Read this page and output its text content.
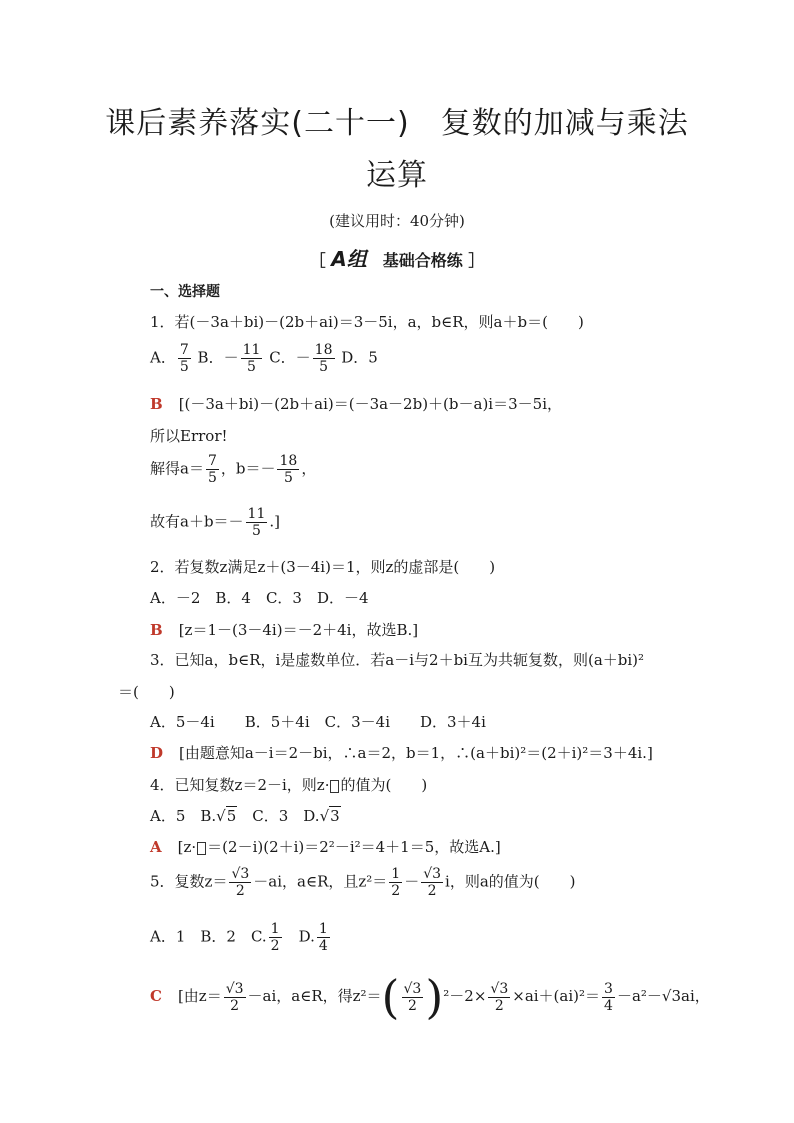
课后素养落实(二十一)　复数的加减与乘法
运算
(建议用时：40分钟)
［ A组　 基础合格练 ］
一、选择题
1．若(－3a＋bi)－(2b＋ai)＝3－5i，a，b∈R，则a＋b＝(　　)
A． $\frac{7}{5}$ B．－ $\frac{11}{5}$ C．－ $\frac{18}{5}$ D．5
B [(－3a＋bi)－(2b＋ai)＝(－3a－2b)＋(b－a)i＝3－5i，
所以Error!
解得$a= \frac{7}{5}$ ，$b=- \frac{18}{5}$ ，
故有$a+b=- \frac{11}{5}$ .]
2．若复数z满足z＋(3－4i)＝1，则z的虚部是(　　)
A．－2　B．4　C．3　D．－4
B [z＝1－(3－4i)＝－2＋4i，故选B.]
3．已知a，b∈R，i是虚数单位．若a－i与2＋bi互为共轭复数，则(a＋bi)²
＝(　　)
A．5－4i　　B．5＋4i　C．3－4i　　D．3＋4i
D [由题意知a－i＝2－bi，∴a＝2，b＝1，∴(a＋bi)²＝(2＋i)²＝3＋4i.]
4．已知复数z＝2－i，则z· 的值为(　　)
A．5　B.√5　C．3　D.√3
A [z· ＝(2－i)(2＋i)＝2²－i²＝4＋1＝5，故选A.]
5．复数$z= \frac{√3}{2} -ai$，a∈R，且$z^2= \frac{1}{2} - \frac{√3}{2}$ i，则a的值为(　　)
A．1　B．2　C. $\frac{1}{2}$ 　D. $\frac{1}{4}$
C [由$z= \frac{√3}{2} -ai$，a∈R，得$z^2=( \frac{√3}{2} )^2-2\times \frac{√3}{2} \times ai+(ai)^2= \frac{3}{4} -a^2-√3ai$，
